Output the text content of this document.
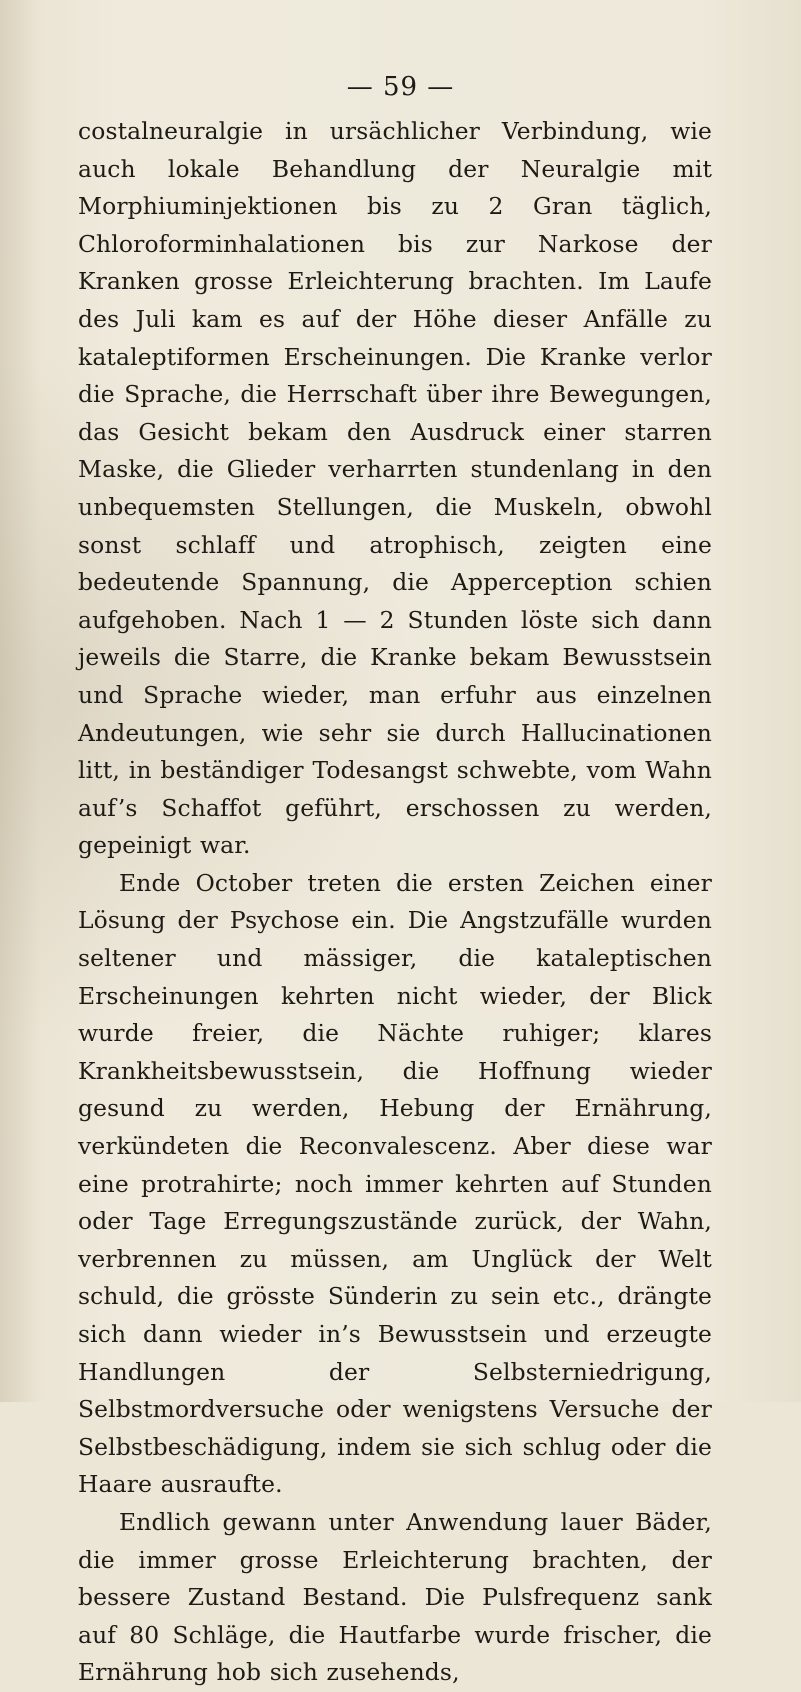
— 59 —

costalneuralgie in ursächlicher Verbindung, wie auch lokale Behandlung der Neuralgie mit Morphiuminjektionen bis zu 2 Gran täglich, Chloroforminhalationen bis zur Narkose der Kranken grosse Erleichterung brachten. Im Laufe des Juli kam es auf der Höhe dieser Anfälle zu kataleptiformen Erscheinungen. Die Kranke verlor die Sprache, die Herrschaft über ihre Bewegungen, das Gesicht bekam den Ausdruck einer starren Maske, die Glieder verharrten stundenlang in den unbequemsten Stellungen, die Muskeln, obwohl sonst schlaff und atrophisch, zeigten eine bedeutende Spannung, die Apperception schien aufgehoben. Nach 1 — 2 Stunden löste sich dann jeweils die Starre, die Kranke bekam Bewusstsein und Sprache wieder, man erfuhr aus einzelnen Andeutungen, wie sehr sie durch Hallucinationen litt, in beständiger Todesangst schwebte, vom Wahn auf’s Schaffot geführt, erschossen zu werden, gepeinigt war.

Ende October treten die ersten Zeichen einer Lösung der Psychose ein. Die Angstzufälle wurden seltener und mässiger, die kataleptischen Erscheinungen kehrten nicht wieder, der Blick wurde freier, die Nächte ruhiger; klares Krankheitsbewusstsein, die Hoffnung wieder gesund zu werden, Hebung der Ernährung, verkündeten die Reconvalescenz. Aber diese war eine protrahirte; noch immer kehrten auf Stunden oder Tage Erregungszustände zurück, der Wahn, verbrennen zu müssen, am Unglück der Welt schuld, die grösste Sünderin zu sein etc., drängte sich dann wieder in’s Bewusstsein und erzeugte Handlungen der Selbsterniedrigung, Selbstmordversuche oder wenigstens Versuche der Selbstbeschädigung, indem sie sich schlug oder die Haare ausraufte.

Endlich gewann unter Anwendung lauer Bäder, die immer grosse Erleichterung brachten, der bessere Zustand Bestand. Die Pulsfrequenz sank auf 80 Schläge, die Hautfarbe wurde frischer, die Ernährung hob sich zusehends,
